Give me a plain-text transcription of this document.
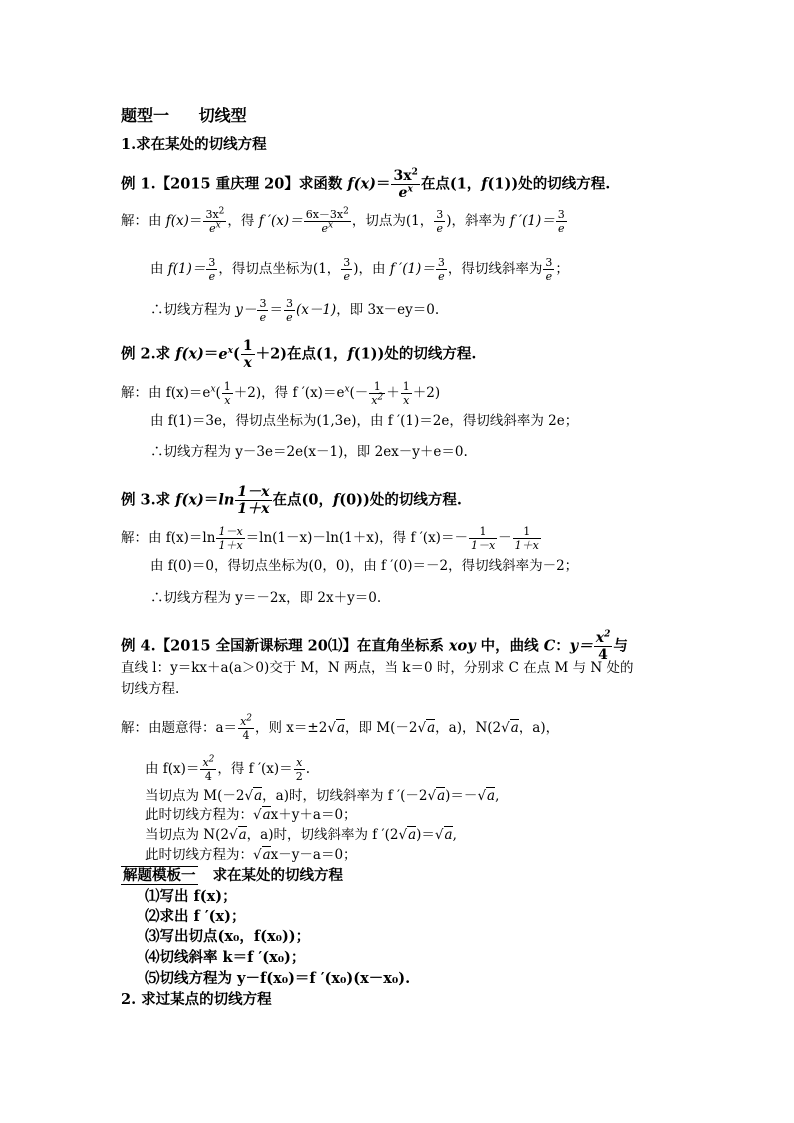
题型一 切线型
1.求在某处的切线方程
例 1.【2015 重庆理 20】求函数 $f(x)= \frac{3x^2}{e^x}$ 在点(1，f(1))处的切线方程.
解：由 $f(x)= \frac{3x^2}{e^x}$ ，得 f $'(x)= \frac{6x-3x^2}{e^x}$ ，切点为(1， $\frac{3}{e}$ )，斜率为 f $'(1)= \frac{3}{e}$
由 $f(1)= \frac{3}{e}$ ，得切点坐标为(1， $\frac{3}{e}$ )，由 f $'(1)= \frac{3}{e}$ ，得切线斜率为 $\frac{3}{e}$ ；
∴切线方程为 $y- \frac{3}{e} = \frac{3}{e} (x-1)$，即 3x－ey＝0.
例 2.求 $f(x)=e^x( \frac{1}{x} +2)$在点(1，f(1))处的切线方程.
解：由 $f(x)=e^x( \frac{1}{x} +2)$，得 f $'(x)=e^x(- \frac{1}{x^2} + \frac{1}{x} +2)$
由 f(1)＝3e，得切点坐标为(1,3e)，由 f ′(1)＝2e，得切线斜率为 2e；
∴切线方程为 y－3e＝2e(x－1)，即 2ex－y＋e＝0.
例 3.求 $f(x)=\ln \frac{1-x}{1+x}$ 在点(0，f(0))处的切线方程.
解：由 $f(x)=\ln \frac{1-x}{1+x} =\ln(1-x)-\ln(1+x)$，得 f $'(x)=- \frac{1}{1-x} - \frac{1}{1+x}$
由 f(0)＝0，得切点坐标为(0，0)，由 f ′(0)＝－2，得切线斜率为－2；
∴切线方程为 y＝－2x，即 2x＋y＝0.
例 4.【2015 全国新课标理 20⑴】在直角坐标系 xoy 中，曲线 C：$y= \frac{x^2}{4}$ 与
直线 l：y＝kx＋a(a＞0)交于 M，N 两点，当 k＝0 时，分别求 C 在点 M 与 N 处的
切线方程.
解：由题意得：$a= \frac{x^2}{4}$ ，则 x＝±2√a，即 M(－2√a，a)，N(2√a，a)，
由 $f(x)= \frac{x^2}{4}$ ，得 f $'(x)= \frac{x}{2}$ .
当切点为 M(－2√a，a)时，切线斜率为 f ′(－2√a)＝－√a,
此时切线方程为：√ax＋y＋a＝0；
当切点为 N(2√a，a)时，切线斜率为 f ′(2√a)＝√a,
此时切线方程为：√ax－y－a＝0；
解题模板一 求在某处的切线方程
⑴写出 f(x)；
⑵求出 f ′(x)；
⑶写出切点(x₀，f(x₀))；
⑷切线斜率 k＝f ′(x₀)；
⑸切线方程为 y－f(x₀)＝f ′(x₀)(x－x₀).
2. 求过某点的切线方程
